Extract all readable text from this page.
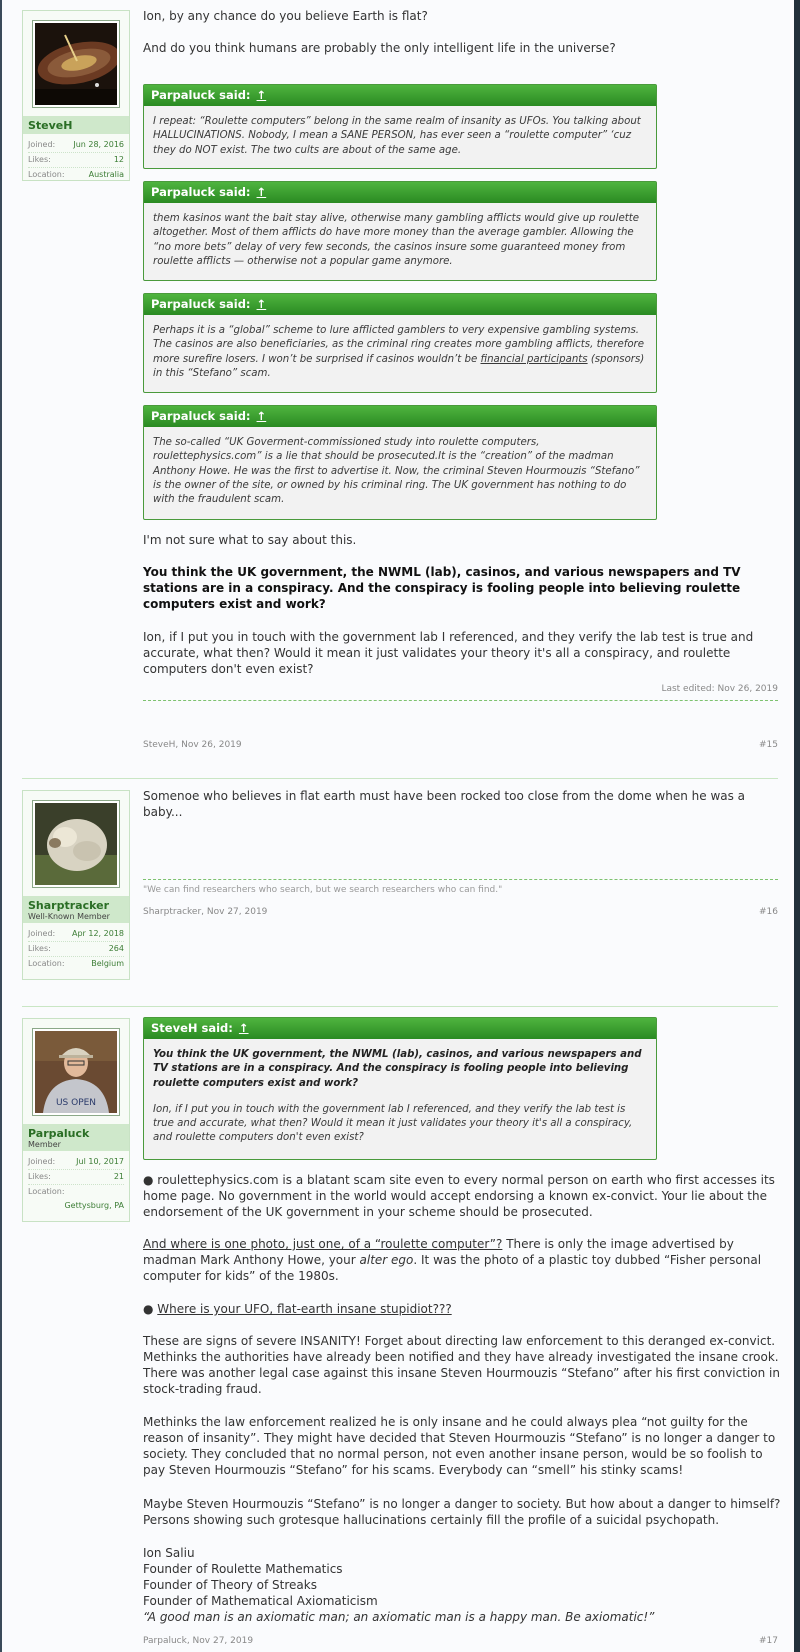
SteveH
Joined: Jun 28, 2016
Likes:	12
Location:	Australia
Ion, by any chance do you believe Earth is flat?
And do you think humans are probably the only intelligent life in the universe?
Parpaluck said: ↑
I repeat: “Roulette computers” belong in the same realm of insanity as UFOs. You talking about HALLUCINATIONS. Nobody, I mean a SANE PERSON, has ever seen a “roulette computer” ‘cuz they do NOT exist. The two cults are about of the same age.
Parpaluck said: ↑
them kasinos want the bait stay alive, otherwise many gambling afflicts would give up roulette altogether. Most of them afflicts do have more money than the average gambler. Allowing the “no more bets” delay of very few seconds, the casinos insure some guaranteed money from roulette afflicts — otherwise not a popular game anymore.
Parpaluck said: ↑
Perhaps it is a “global” scheme to lure afflicted gamblers to very expensive gambling systems. The casinos are also beneficiaries, as the criminal ring creates more gambling afflicts, therefore more surefire losers. I won’t be surprised if casinos wouldn’t be financial participants (sponsors) in this “Stefano” scam.
Parpaluck said: ↑
The so-called “UK Goverment-commissioned study into roulette computers, roulettephysics.com” is a lie that should be prosecuted.It is the “creation” of the madman Anthony Howe. He was the first to advertise it. Now, the criminal Steven Hourmouzis “Stefano” is the owner of the site, or owned by his criminal ring. The UK government has nothing to do with the fraudulent scam.
I'm not sure what to say about this.
You think the UK government, the NWML (lab), casinos, and various newspapers and TV stations are in a conspiracy. And the conspiracy is fooling people into believing roulette computers exist and work?
Ion, if I put you in touch with the government lab I referenced, and they verify the lab test is true and accurate, what then? Would it mean it just validates your theory it's all a conspiracy, and roulette computers don't even exist?
Last edited: Nov 26, 2019
SteveH, Nov 26, 2019	#15
Sharptracker
Well-Known Member
Joined: Apr 12, 2018
Likes:	264
Location:	Belgium
Somenoe who believes in flat earth must have been rocked too close from the dome when he was a baby...
"We can find researchers who search, but we search researchers who can find."
Sharptracker, Nov 27, 2019	#16
US OPEN
Parpaluck
Member
Joined:	Jul 10, 2017
Likes:	21
Location:
Gettysburg, PA
SteveH said: ↑
You think the UK government, the NWML (lab), casinos, and various newspapers and TV stations are in a conspiracy. And the conspiracy is fooling people into believing roulette computers exist and work?
Ion, if I put you in touch with the government lab I referenced, and they verify the lab test is true and accurate, what then? Would it mean it just validates your theory it's all a conspiracy, and roulette computers don't even exist?
● roulettephysics.com is a blatant scam site even to every normal person on earth who first accesses its home page. No government in the world would accept endorsing a known ex-convict. Your lie about the endorsement of the UK government in your scheme should be prosecuted.
And where is one photo, just one, of a “roulette computer”? There is only the image advertised by madman Mark Anthony Howe, your alter ego. It was the photo of a plastic toy dubbed “Fisher personal computer for kids” of the 1980s.
● Where is your UFO, flat-earth insane stupidiot???
These are signs of severe INSANITY! Forget about directing law enforcement to this deranged ex-convict. Methinks the authorities have already been notified and they have already investigated the insane crook. There was another legal case against this insane Steven Hourmouzis “Stefano” after his first conviction in stock-trading fraud.
Methinks the law enforcement realized he is only insane and he could always plea “not guilty for the reason of insanity”. They might have decided that Steven Hourmouzis “Stefano” is no longer a danger to society. They concluded that no normal person, not even another insane person, would be so foolish to pay Steven Hourmouzis “Stefano” for his scams. Everybody can “smell” his stinky scams!
Maybe Steven Hourmouzis “Stefano” is no longer a danger to society. But how about a danger to himself? Persons showing such grotesque hallucinations certainly fill the profile of a suicidal psychopath.
Ion Saliu
Founder of Roulette Mathematics
Founder of Theory of Streaks
Founder of Mathematical Axiomaticism
“A good man is an axiomatic man; an axiomatic man is a happy man. Be axiomatic!”
Parpaluck, Nov 27, 2019	#17
